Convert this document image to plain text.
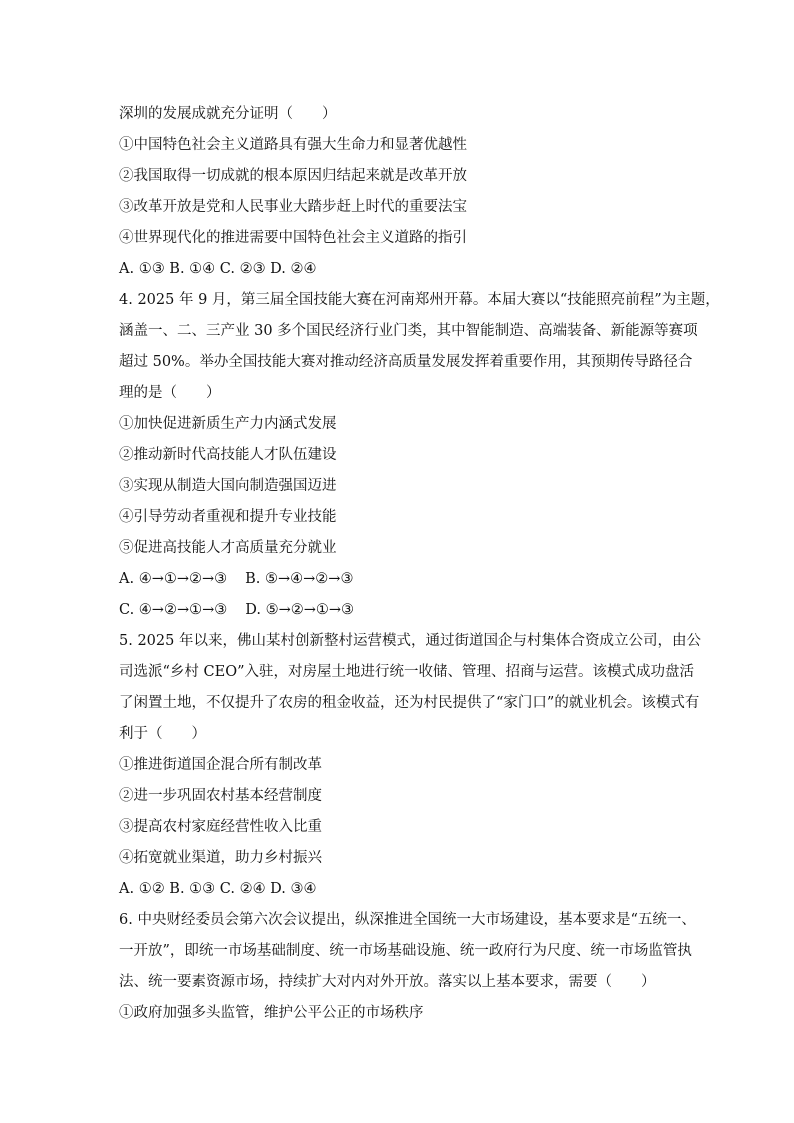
深圳的发展成就充分证明（　　）
①中国特色社会主义道路具有强大生命力和显著优越性
②我国取得一切成就的根本原因归结起来就是改革开放
③改革开放是党和人民事业大踏步赶上时代的重要法宝
④世界现代化的推进需要中国特色社会主义道路的指引
A. ①③ B. ①④ C. ②③ D. ②④
4. 2025 年 9 月，第三届全国技能大赛在河南郑州开幕。本届大赛以“技能照亮前程”为主题，
涵盖一、二、三产业 30 多个国民经济行业门类，其中智能制造、高端装备、新能源等赛项
超过 50%。举办全国技能大赛对推动经济高质量发展发挥着重要作用，其预期传导路径合
理的是（　　）
①加快促进新质生产力内涵式发展
②推动新时代高技能人才队伍建设
③实现从制造大国向制造强国迈进
④引导劳动者重视和提升专业技能
⑤促进高技能人才高质量充分就业
A. ④→①→②→③ B. ⑤→④→②→③
C. ④→②→①→③ D. ⑤→②→①→③
5. 2025 年以来，佛山某村创新整村运营模式，通过街道国企与村集体合资成立公司，由公
司选派“乡村 CEO”入驻，对房屋土地进行统一收储、管理、招商与运营。该模式成功盘活
了闲置土地，不仅提升了农房的租金收益，还为村民提供了“家门口”的就业机会。该模式有
利于（　　）
①推进街道国企混合所有制改革
②进一步巩固农村基本经营制度
③提高农村家庭经营性收入比重
④拓宽就业渠道，助力乡村振兴
A. ①② B. ①③ C. ②④ D. ③④
6. 中央财经委员会第六次会议提出，纵深推进全国统一大市场建设，基本要求是“五统一、
一开放”，即统一市场基础制度、统一市场基础设施、统一政府行为尺度、统一市场监管执
法、统一要素资源市场，持续扩大对内对外开放。落实以上基本要求，需要（　　）
①政府加强多头监管，维护公平公正的市场秩序
